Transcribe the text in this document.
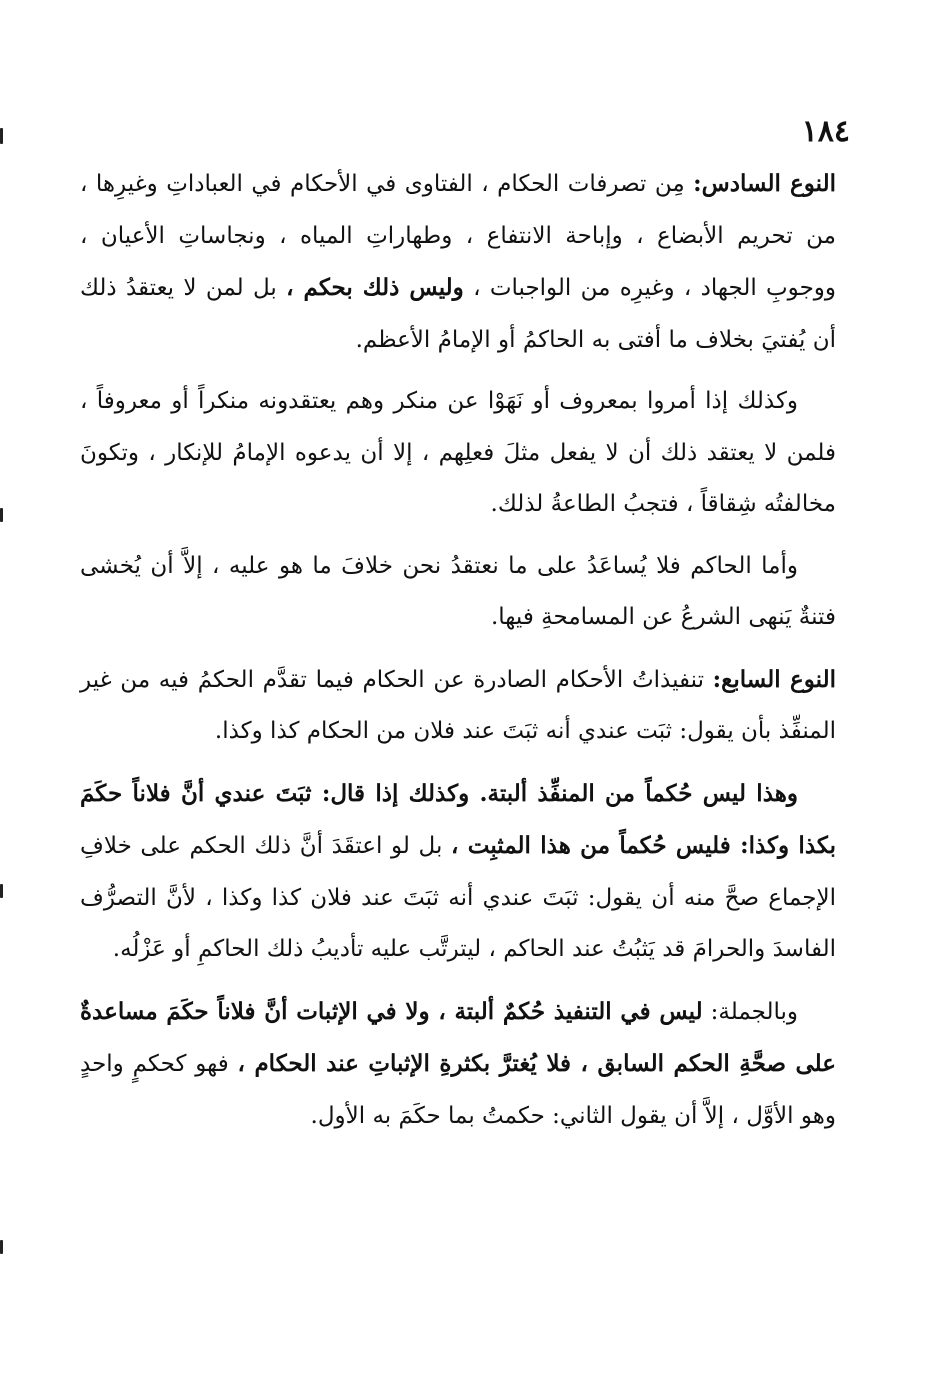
١٨٤

النوع السادس: مِن تصرفات الحكام ، الفتاوى في الأحكام في العباداتِ وغيرِها ، من تحريم الأبضاع ، وإباحة الانتفاع ، وطهاراتِ المياه ، ونجاساتِ الأعيان ، ووجوبِ الجهاد ، وغيرِه من الواجبات ، وليس ذلك بحكم ، بل لمن لا يعتقدُ ذلك أن يُفتيَ بخلاف ما أفتى به الحاكمُ أو الإمامُ الأعظم.

وكذلك إذا أمروا بمعروف أو نَهَوْا عن منكر وهم يعتقدونه منكراً أو معروفاً ، فلمن لا يعتقد ذلك أن لا يفعل مثلَ فعلِهم ، إلا أن يدعوه الإمامُ للإنكار ، وتكونَ مخالفتُه شِقاقاً ، فتجبُ الطاعةُ لذلك.

وأما الحاكم فلا يُساعَدُ على ما نعتقدُ نحن خلافَ ما هو عليه ، إلاَّ أن يُخشى فتنةٌ يَنهى الشرعُ عن المسامحةِ فيها.

النوع السابع: تنفيذاتُ الأحكام الصادرة عن الحكام فيما تقدَّم الحكمُ فيه من غير المنفِّذ بأن يقول: ثبَت عندي أنه ثبَتَ عند فلان من الحكام كذا وكذا.

وهذا ليس حُكماً من المنفِّذ ألبتة. وكذلك إذا قال: ثبَتَ عندي أنَّ فلاناً حكَمَ بكذا وكذا: فليس حُكماً من هذا المثبِت ، بل لو اعتقَدَ أنَّ ذلك الحكم على خلافِ الإجماع صحَّ منه أن يقول: ثبَتَ عندي أنه ثبَتَ عند فلان كذا وكذا ، لأنَّ التصرُّف الفاسدَ والحرامَ قد يَثبُتُ عند الحاكم ، ليترتَّب عليه تأديبُ ذلك الحاكمِ أو عَزْلُه.

وبالجملة: ليس في التنفيذ حُكمٌ ألبتة ، ولا في الإثبات أنَّ فلاناً حكَمَ مساعدةٌ على صحَّةِ الحكم السابق ، فلا يُغترَّ بكثرةِ الإثباتِ عند الحكام ، فهو كحكمٍ واحدٍ وهو الأوَّل ، إلاَّ أن يقول الثاني: حكمتُ بما حكَمَ به الأول.
